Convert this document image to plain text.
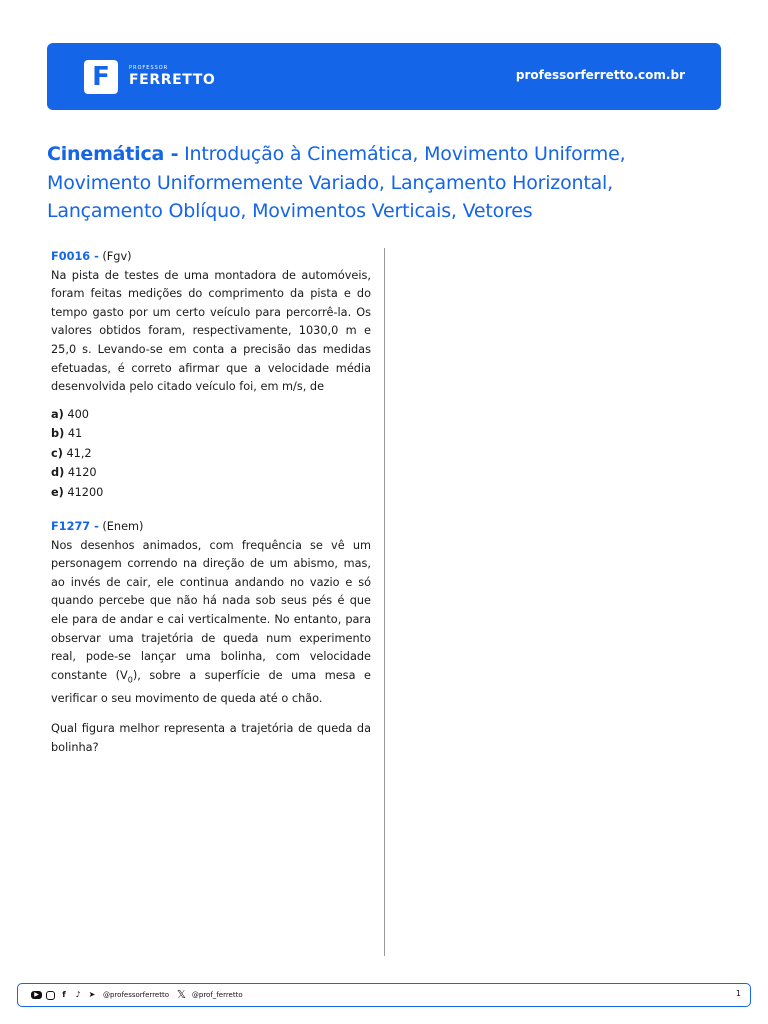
F	PROFESSOR
FERRETTO	professorferretto.com.br
Cinemática - Introdução à Cinemática, Movimento Uniforme, Movimento Uniformemente Variado, Lançamento Horizontal, Lançamento Oblíquo, Movimentos Verticais, Vetores
F0016 - (Fgv)
Na pista de testes de uma montadora de automóveis, foram feitas medições do comprimento da pista e do tempo gasto por um certo veículo para percorrê-la. Os valores obtidos foram, respectivamente, 1030,0 m e 25,0 s. Levando-se em conta a precisão das medidas efetuadas, é correto afirmar que a velocidade média desenvolvida pelo citado veículo foi, em m/s, de
a) 400
b) 41
c) 41,2
d) 4120
e) 41200
F1277 - (Enem)
Nos desenhos animados, com frequência se vê um personagem correndo na direção de um abismo, mas, ao invés de cair, ele continua andando no vazio e só quando percebe que não há nada sob seus pés é que ele para de andar e cai verticalmente. No entanto, para observar uma trajetória de queda num experimento real, pode-se lançar uma bolinha, com velocidade constante $(V_0)$, sobre a superfície de uma mesa e verificar o seu movimento de queda até o chão.
Qual figura melhor representa a trajetória de queda da bolinha?
▶	f	♪	➤ @professorferretto 𝕏 @prof_ferretto	1
